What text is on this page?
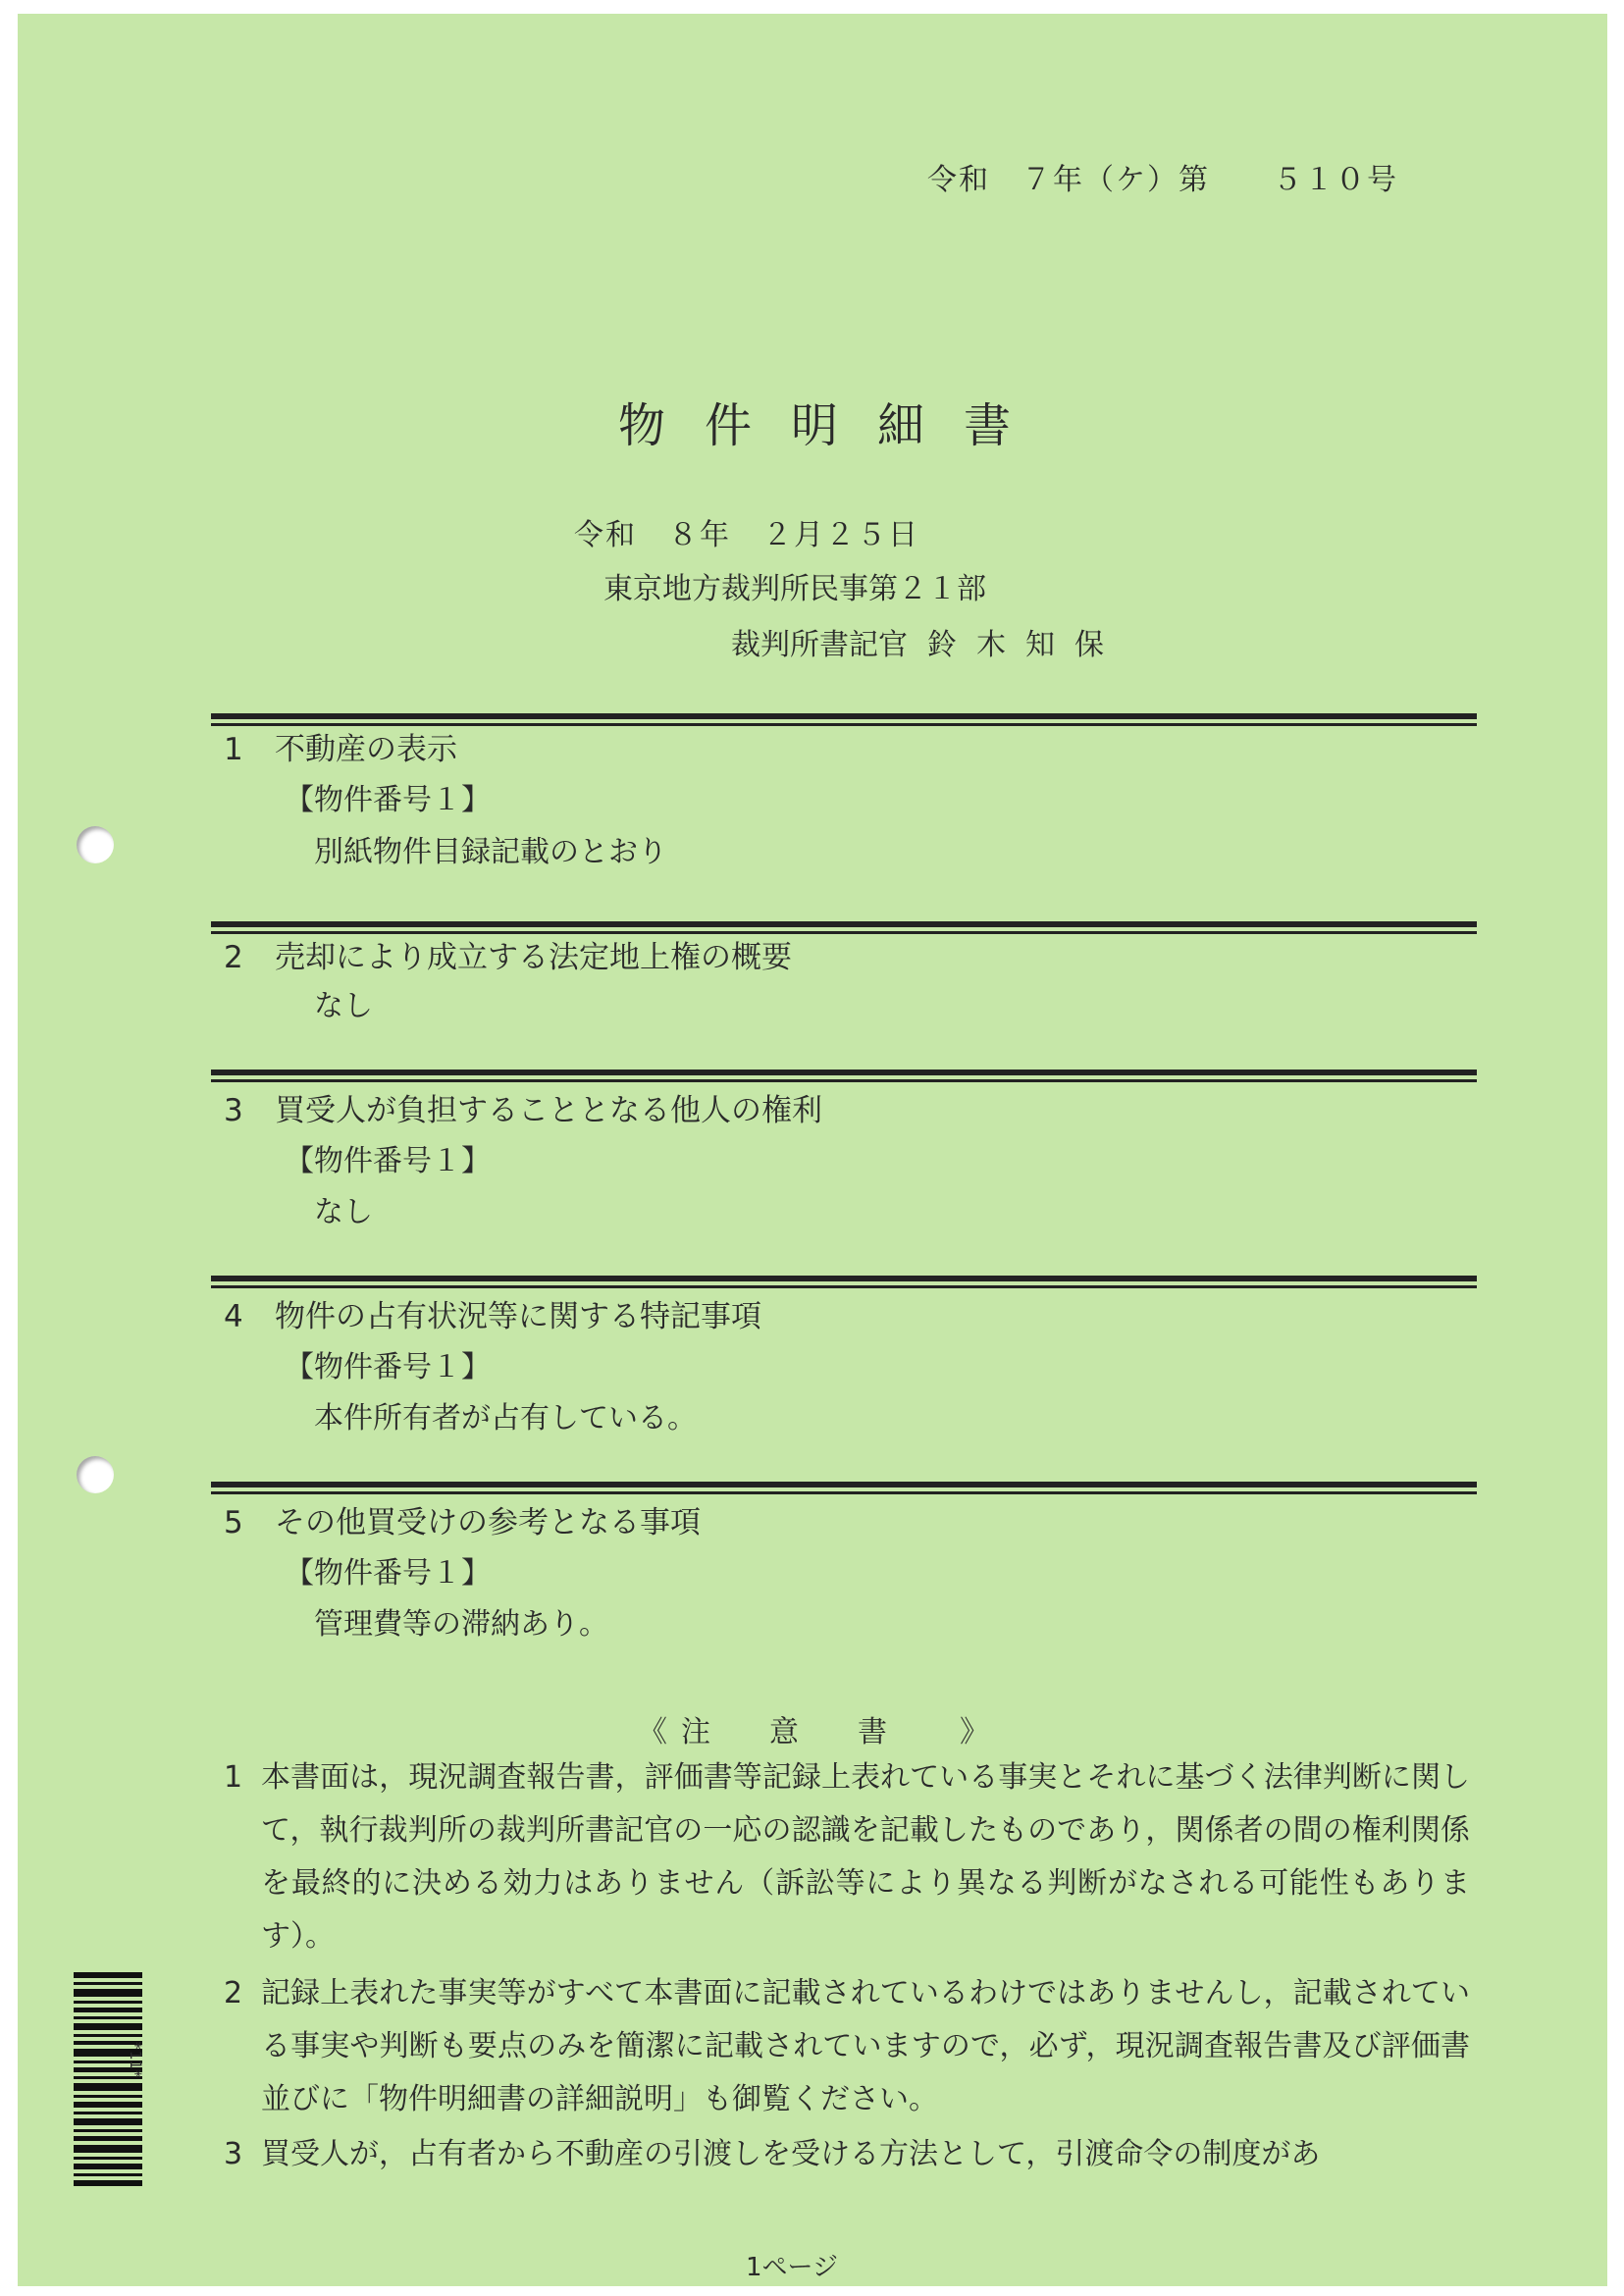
令和　７年（ケ）第　　５１０号
物件明細書
令和　８年　２月２５日
東京地方裁判所民事第２１部
裁判所書記官 鈴木知保
1 不動産の表示
【物件番号１】
別紙物件目録記載のとおり
2 売却により成立する法定地上権の概要
なし
3 買受人が負担することとなる他人の権利
【物件番号１】
なし
4 物件の占有状況等に関する特記事項
【物件番号１】
本件所有者が占有している。
5 その他買受けの参考となる事項
【物件番号１】
管理費等の滞納あり。
《 注意書 》
1 本書面は，現況調査報告書，評価書等記録上表れている事実とそれに基づく法律判断に関して，執行裁判所の裁判所書記官の一応の認識を記載したものであり，関係者の間の権利関係を最終的に決める効力はありません（訴訟等により異なる判断がなされる可能性もあります）。
2 記録上表れた事実等がすべて本書面に記載されているわけではありませんし，記載されている事実や判断も要点のみを簡潔に記載されていますので，必ず，現況調査報告書及び評価書並びに「物件明細書の詳細説明」も御覧ください。
3 買受人が，占有者から不動産の引渡しを受ける方法として，引渡命令の制度があ
*11*
1ページ
